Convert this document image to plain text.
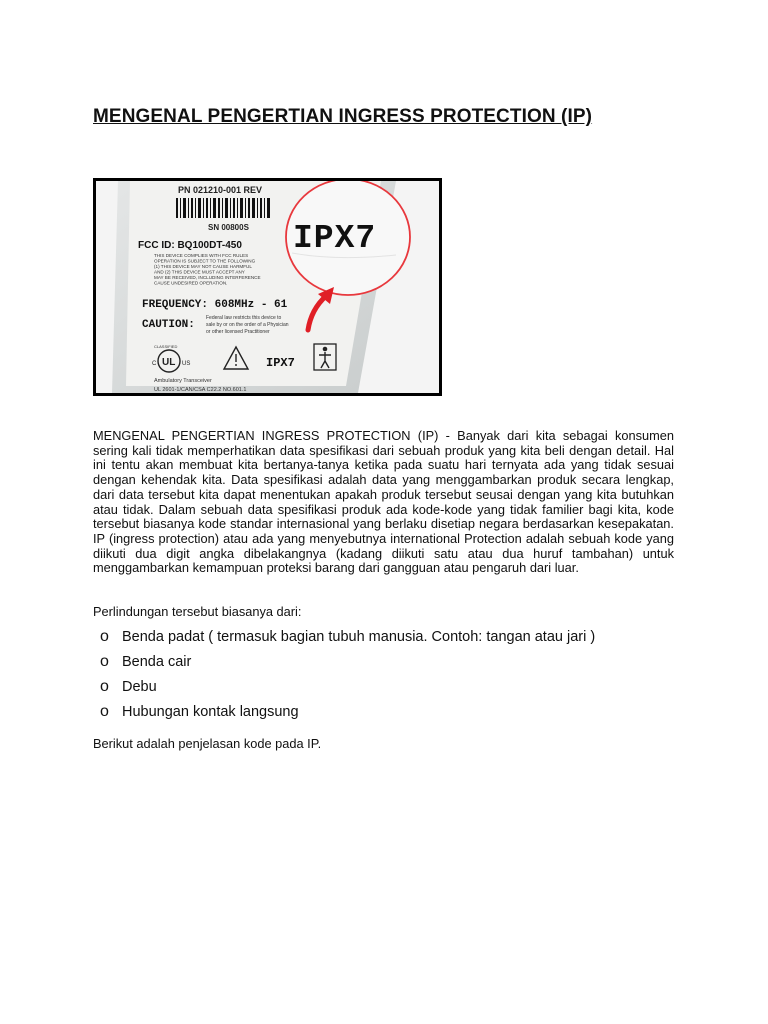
MENGENAL PENGERTIAN INGRESS PROTECTION (IP)
PN 021210-001 REV
SN 00800S
FCC ID: BQ100DT-450
THIS DEVICE COMPLIES WITH FCC RULES
OPERATION IS SUBJECT TO THE FOLLOWING
(1) THIS DEVICE MAY NOT CAUSE HARMFUL
AND (2) THIS DEVICE MUST ACCEPT ANY
MAY BE RECEIVED, INCLUDING INTERFERENCE
CAUSE UNDESIRED OPERATION.
FREQUENCY: 608MHz - 61
CAUTION:
Federal law restricts this device to
sale by or on the order of a Physician
or other licensed Practitioner
UL
CLASSIFIED
C	US	IPX7
Ambulatory Transceiver
UL 2601-1/CAN/CSA C22.2 NO.601.1
IPX7

MENGENAL PENGERTIAN INGRESS PROTECTION (IP) - Banyak dari kita sebagai konsumen sering kali tidak memperhatikan data spesifikasi dari sebuah produk yang kita beli dengan detail. Hal ini tentu akan membuat kita bertanya-tanya ketika pada suatu hari ternyata ada yang tidak sesuai dengan kehendak kita. Data spesifikasi adalah data yang menggambarkan produk secara lengkap, dari data tersebut kita dapat menentukan apakah produk tersebut seusai dengan yang kita butuhkan atau tidak. Dalam sebuah data spesifikasi produk ada kode-kode yang tidak familier bagi kita, kode tersebut biasanya kode standar internasional yang berlaku disetiap negara berdasarkan kesepakatan.

IP (ingress protection) atau ada yang menyebutnya international Protection adalah sebuah kode yang diikuti dua digit angka dibelakangnya (kadang diikuti satu atau dua huruf tambahan) untuk menggambarkan kemampuan proteksi barang dari gangguan atau pengaruh dari luar.

Perlindungan tersebut biasanya dari:

o Benda padat ( termasuk bagian tubuh manusia. Contoh: tangan atau jari )
o Benda cair
o Debu
o Hubungan kontak langsung

Berikut adalah penjelasan kode pada IP.
